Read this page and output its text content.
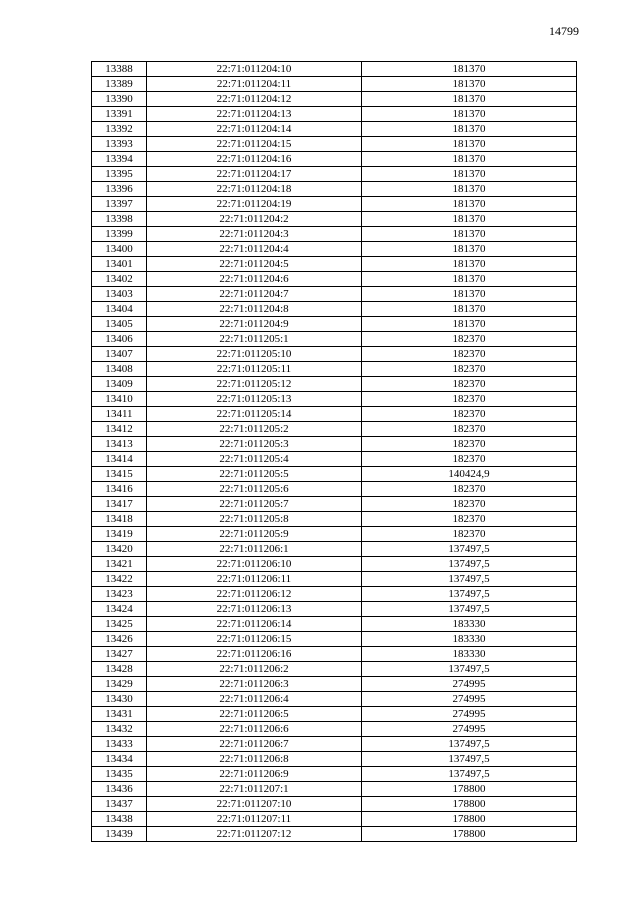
14799
13388	22:71:011204:10	181370
13389	22:71:011204:11	181370
13390	22:71:011204:12	181370
13391	22:71:011204:13	181370
13392	22:71:011204:14	181370
13393	22:71:011204:15	181370
13394	22:71:011204:16	181370
13395	22:71:011204:17	181370
13396	22:71:011204:18	181370
13397	22:71:011204:19	181370
13398	22:71:011204:2	181370
13399	22:71:011204:3	181370
13400	22:71:011204:4	181370
13401	22:71:011204:5	181370
13402	22:71:011204:6	181370
13403	22:71:011204:7	181370
13404	22:71:011204:8	181370
13405	22:71:011204:9	181370
13406	22:71:011205:1	182370
13407	22:71:011205:10	182370
13408	22:71:011205:11	182370
13409	22:71:011205:12	182370
13410	22:71:011205:13	182370
13411	22:71:011205:14	182370
13412	22:71:011205:2	182370
13413	22:71:011205:3	182370
13414	22:71:011205:4	182370
13415	22:71:011205:5	140424,9
13416	22:71:011205:6	182370
13417	22:71:011205:7	182370
13418	22:71:011205:8	182370
13419	22:71:011205:9	182370
13420	22:71:011206:1	137497,5
13421	22:71:011206:10	137497,5
13422	22:71:011206:11	137497,5
13423	22:71:011206:12	137497,5
13424	22:71:011206:13	137497,5
13425	22:71:011206:14	183330
13426	22:71:011206:15	183330
13427	22:71:011206:16	183330
13428	22:71:011206:2	137497,5
13429	22:71:011206:3	274995
13430	22:71:011206:4	274995
13431	22:71:011206:5	274995
13432	22:71:011206:6	274995
13433	22:71:011206:7	137497,5
13434	22:71:011206:8	137497,5
13435	22:71:011206:9	137497,5
13436	22:71:011207:1	178800
13437	22:71:011207:10	178800
13438	22:71:011207:11	178800
13439	22:71:011207:12	178800
